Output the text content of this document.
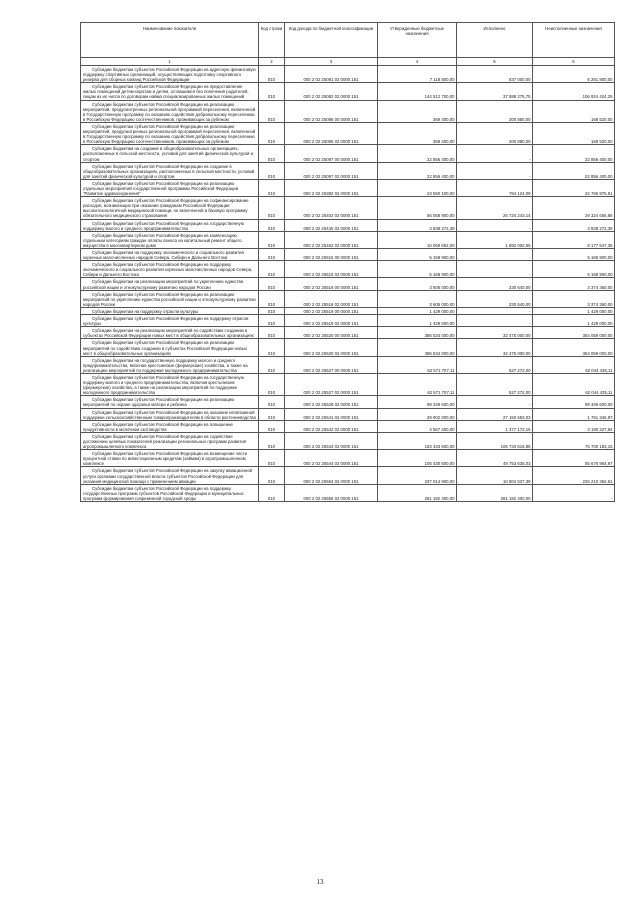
Наименование показателя	Код строки	Код дохода по бюджетной классификации	Утвержденные бюджетные назначения	Исполнено	Неисполненные назначения
1	2	3	4	5	6

Субсидии бюджетам субъектов Российской Федерации на адресную финансовую поддержку спортивных организаций, осуществляющих подготовку спортивного резерва для сборных команд Российской Федерации	010	000 2 02 25081 02 0000 151	7 118 800,00	837 000,00	6 281 800,00

Субсидии бюджетам субъектов Российской Федерации на предоставление жилых помещений детям-сиротам и детям, оставшимся без попечения родителей, лицам из их числа по договорам найма специализированных жилых помещений	010	000 2 02 25082 02 0000 151	144 512 700,00	37 588 275,75	106 924 424,25

Субсидии бюджетам субъектов Российской Федерации на реализацию мероприятий, предусмотренных региональной программой переселения, включенной в Государственную программу по оказанию содействия добровольному переселению в Российскую Федерацию соотечественников, проживающих за рубежом	010	000 2 02 25086 00 0000 151	369 400,00	200 880,00	168 520,00

Субсидии бюджетам субъектов Российской Федерации на реализацию мероприятий, предусмотренных региональной программой переселения, включенной в Государственную программу по оказанию содействия добровольному переселению в Российскую Федерацию соотечественников, проживающих за рубежом	010	000 2 02 25086 02 0000 151	369 400,00	200 880,00	168 520,00

Субсидии бюджетам на создание в общеобразовательных организациях, расположенных в сельской местности, условий для занятий физической культурой и спортом	010	000 2 02 25097 00 0000 151	22 856 400,00	-	22 856 400,00

Субсидии бюджетам субъектов Российской Федерации на создание в общеобразовательных организациях, расположенных в сельской местности, условий для занятий физической культурой и спортом	010	000 2 02 25097 02 0000 151	22 856 400,00	-	22 856 400,00

Субсидии бюджетам субъектов Российской Федерации на реализацию отдельных мероприятий государственной программы Российской Федерации "Развитие здравоохранения"	010	000 2 02 25382 02 0000 151	23 550 100,00	784 124,09	22 765 975,91

Субсидии бюджетам субъектов Российской Федерации на софинансирование расходов, возникающих при оказании гражданам Российской Федерации высокотехнологичной медицинской помощи, не включенной в базовую программу обязательного медицинского страхования	010	000 2 02 25402 02 0000 151	56 058 900,00	26 734 243,14	29 324 656,86

Субсидии бюджетам субъектов Российской Федерации на государственную поддержку малого и среднего предпринимательства	010	000 2 02 25445 02 0000 151	3 838 272,39	-	3 838 272,39

Субсидии бюджетам субъектов Российской Федерации на компенсацию отдельным категориям граждан оплаты взноса на капитальный ремонт общего имущества в многоквартирном доме	010	000 2 02 25462 02 0000 151	10 069 652,00	1 892 002,65	8 177 647,35

Субсидии бюджетам на поддержку экономического и социального развития коренных малочисленных народов Севера, Сибири и Дальнего Востока	010	000 2 02 25515 00 0000 151	5 168 900,00	-	5 168 900,00

Субсидии бюджетам субъектов Российской Федерации на поддержку экономического и социального развития коренных малочисленных народов Севера, Сибири и Дальнего Востока	010	000 2 02 25515 02 0000 151	5 168 900,00	-	5 168 900,00

Субсидии бюджетам на реализацию мероприятий по укреплению единства российской нации и этнокультурному развитию народов России	010	000 2 02 25516 00 0000 151	3 605 000,00	230 640,00	3 374 360,00

Субсидии бюджетам субъектов Российской Федерации на реализацию мероприятий по укреплению единства российской нации и этнокультурному развитию народов России	010	000 2 02 25516 02 0000 151	3 605 000,00	230 640,00	3 374 360,00

Субсидии бюджетам на поддержку отрасли культуры	010	000 2 02 25519 00 0000 151	1 429 000,00	-	1 429 000,00

Субсидии бюджетам субъектов Российской Федерации на поддержку отрасли культуры	010	000 2 02 25519 02 0000 151	1 429 000,00	-	1 429 000,00

Субсидии бюджетам на реализацию мероприятий по содействию созданию в субъектах Российской Федерации новых мест в общеобразовательных организациях	010	000 2 02 25520 00 0000 151	386 534 000,00	32 475 000,00	354 059 000,00

Субсидии бюджетам субъектов Российской Федерации на реализацию мероприятий по содействию созданию в субъектах Российской Федерации новых мест в общеобразовательных организациях	010	000 2 02 25520 02 0000 151	386 534 000,00	32 475 000,00	354 059 000,00

Субсидии бюджетам на государственную поддержку малого и среднего предпринимательства, включая крестьянские (фермерские) хозяйства, а также на реализацию мероприятий по поддержке молодежного предпринимательства	010	000 2 02 25527 00 0000 151	62 571 707,11	527 272,00	62 044 435,11

Субсидии бюджетам субъектов Российской Федерации на государственную поддержку малого и среднего предпринимательства, включая крестьянские (фермерские) хозяйства, а также на реализацию мероприятий по поддержке молодежного предпринимательства	010	000 2 02 25527 02 0000 151	62 571 707,11	527 272,00	62 044 435,11

Субсидии бюджетам субъектов Российской Федерации на реализацию мероприятий по охране здоровья матери и ребенка	010	000 2 02 25528 02 0000 151	99 349 600,00	-	99 349 600,00

Субсидии бюджетам субъектов Российской Федерации на оказание несвязанной поддержки сельскохозяйственным товаропроизводителям в области растениеводства	010	000 2 02 25541 02 0000 151	29 902 000,00	27 150 653,03	1 751 346,97

Субсидии бюджетам субъектов Российской Федерации на повышение продуктивности в молочном скотоводстве	010	000 2 02 25542 02 0000 151	4 567 400,00	1 377 172,16	3 190 227,84

Субсидии бюджетам субъектов Российской Федерации на содействие достижению целевых показателей реализации региональных программ развития агропромышленного комплекса	010	000 2 02 25543 02 0000 151	183 433 600,00	106 733 616,85	76 700 183,15

Субсидии бюджетам субъектов Российской Федерации на возмещение части процентной ставки по инвестиционным кредитам (займам) в агропромышленном комплексе	010	000 2 02 25544 02 0000 151	105 430 600,00	49 753 635,03	55 676 964,97

Субсидии бюджетам субъектов Российской Федерации на закупку авиационной услуги органами государственной власти субъектов Российской Федерации для оказания медицинской помощи с применением авиации	010	000 2 02 25554 02 0000 151	237 014 900,00	10 804 537,39	226 210 362,61

Субсидии бюджетам субъектов Российской Федерации на поддержку государственных программ субъектов Российской Федерации и муниципальных программ формирования современной городской среды	010	000 2 02 25555 02 0000 151	281 182 400,00	281 182 400,00	-
13
